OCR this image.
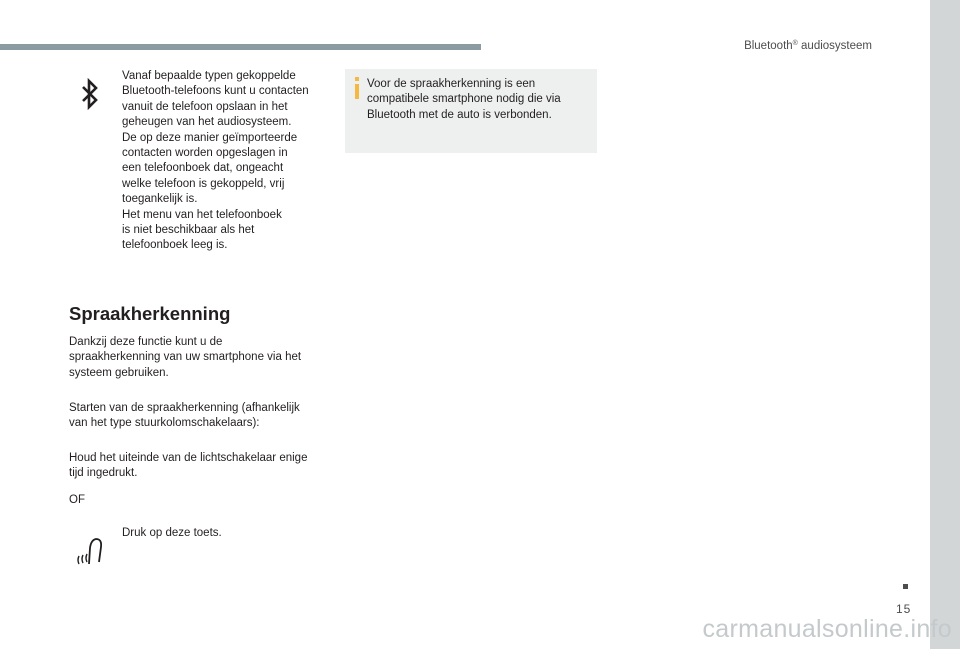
Bluetooth® audiosysteem
Vanaf bepaalde typen gekoppelde
Bluetooth-telefoons kunt u contacten
vanuit de telefoon opslaan in het
geheugen van het audiosysteem.
De op deze manier geïmporteerde
contacten worden opgeslagen in
een telefoonboek dat, ongeacht
welke telefoon is gekoppeld, vrij
toegankelijk is.
Het menu van het telefoonboek
is niet beschikbaar als het
telefoonboek leeg is.
Voor de spraakherkenning is een
compatibele smartphone nodig die via
Bluetooth met de auto is verbonden.
Spraakherkenning
Dankzij deze functie kunt u de
spraakherkenning van uw smartphone via het
systeem gebruiken.
Starten van de spraakherkenning (afhankelijk
van het type stuurkolomschakelaars):
Houd het uiteinde van de lichtschakelaar enige
tijd ingedrukt.
OF
Druk op deze toets.
15
carmanualsonline.info
